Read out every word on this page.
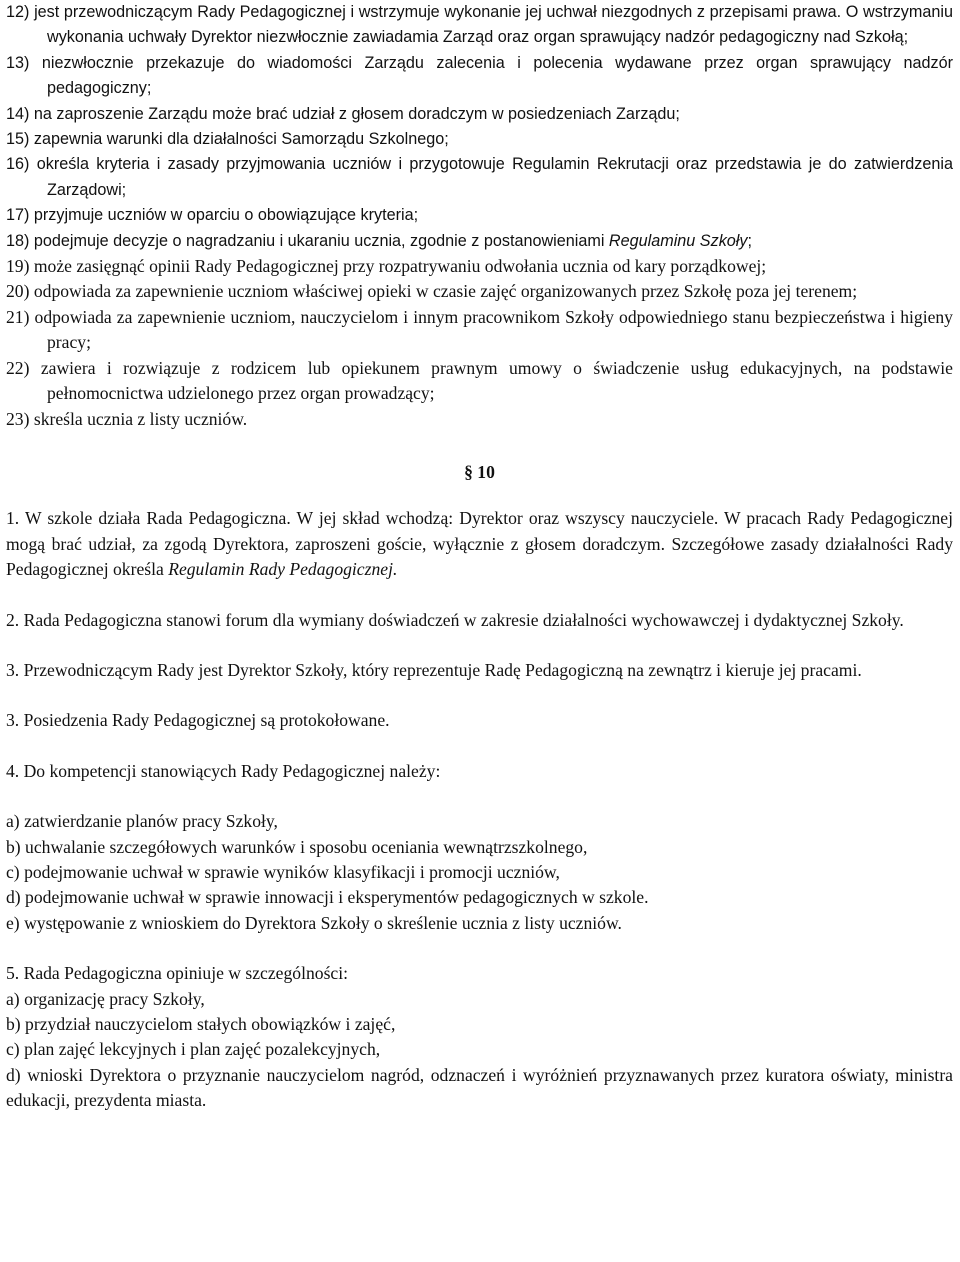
12) jest przewodniczącym Rady Pedagogicznej i wstrzymuje wykonanie jej uchwał niezgodnych z przepisami prawa. O wstrzymaniu wykonania uchwały Dyrektor niezwłocznie zawiadamia Zarząd oraz organ sprawujący nadzór pedagogiczny nad Szkołą;

13) niezwłocznie przekazuje do wiadomości Zarządu zalecenia i polecenia wydawane przez organ sprawujący nadzór pedagogiczny;

14) na zaproszenie Zarządu może brać udział z głosem doradczym w posiedzeniach Zarządu;

15) zapewnia warunki dla działalności Samorządu Szkolnego;

16) określa kryteria i zasady przyjmowania uczniów i przygotowuje Regulamin Rekrutacji oraz przedstawia je do zatwierdzenia Zarządowi;

17) przyjmuje uczniów w oparciu o obowiązujące kryteria;

18) podejmuje decyzje o nagradzaniu i ukaraniu ucznia, zgodnie z postanowieniami Regulaminu Szkoły;

19) może zasięgnąć opinii Rady Pedagogicznej przy rozpatrywaniu odwołania ucznia od kary porządkowej;

20) odpowiada za zapewnienie uczniom właściwej opieki w czasie zajęć organizowanych przez Szkołę poza jej terenem;

21) odpowiada za zapewnienie uczniom, nauczycielom i innym pracownikom Szkoły odpowiedniego stanu bezpieczeństwa i higieny pracy;

22) zawiera i rozwiązuje z rodzicem lub opiekunem prawnym umowy o świadczenie usług edukacyjnych, na podstawie pełnomocnictwa udzielonego przez organ prowadzący;

23) skreśla ucznia z listy uczniów.

§ 10

1. W szkole działa Rada Pedagogiczna. W jej skład wchodzą: Dyrektor oraz wszyscy nauczyciele. W pracach Rady Pedagogicznej mogą brać udział, za zgodą Dyrektora, zaproszeni goście, wyłącznie z głosem doradczym. Szczegółowe zasady działalności Rady Pedagogicznej określa Regulamin Rady Pedagogicznej.

2. Rada Pedagogiczna stanowi forum dla wymiany doświadczeń w zakresie działalności wychowawczej i dydaktycznej Szkoły.

3. Przewodniczącym Rady jest Dyrektor Szkoły, który reprezentuje Radę Pedagogiczną na zewnątrz i kieruje jej pracami.

3. Posiedzenia Rady Pedagogicznej są protokołowane.

4. Do kompetencji stanowiących Rady Pedagogicznej należy:

a) zatwierdzanie planów pracy Szkoły,

b) uchwalanie szczegółowych warunków i sposobu oceniania wewnątrzszkolnego,

c) podejmowanie uchwał w sprawie wyników klasyfikacji i promocji uczniów,

d) podejmowanie uchwał w sprawie innowacji i eksperymentów pedagogicznych w szkole.

e) występowanie z wnioskiem do Dyrektora Szkoły o skreślenie ucznia z listy uczniów.

5. Rada Pedagogiczna opiniuje w szczególności:

a) organizację pracy Szkoły,

b) przydział nauczycielom stałych obowiązków i zajęć,

c) plan zajęć lekcyjnych i plan zajęć pozalekcyjnych,

d) wnioski Dyrektora o przyznanie nauczycielom nagród, odznaczeń i wyróżnień przyznawanych przez kuratora oświaty, ministra edukacji, prezydenta miasta.
